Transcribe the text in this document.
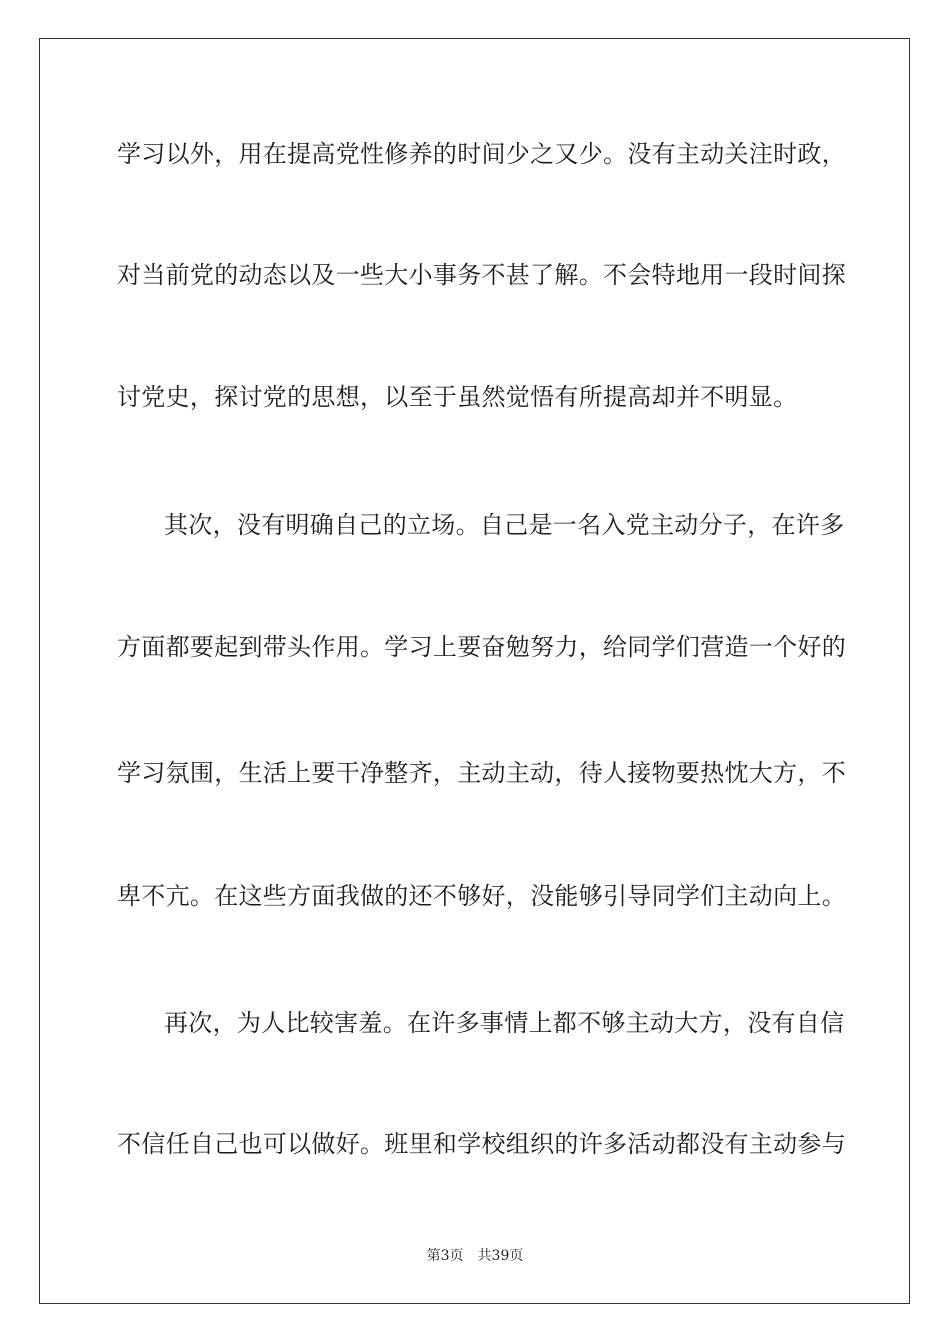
学习以外，用在提高党性修养的时间少之又少。没有主动关注时政，
对当前党的动态以及一些大小事务不甚了解。不会特地用一段时间探
讨党史，探讨党的思想，以至于虽然觉悟有所提高却并不明显。
其次，没有明确自己的立场。自己是一名入党主动分子，在许多
方面都要起到带头作用。学习上要奋勉努力，给同学们营造一个好的
学习氛围，生活上要干净整齐，主动主动，待人接物要热忱大方，不
卑不亢。在这些方面我做的还不够好，没能够引导同学们主动向上。
再次，为人比较害羞。在许多事情上都不够主动大方，没有自信
不信任自己也可以做好。班里和学校组织的许多活动都没有主动参与
第3页 共39页
